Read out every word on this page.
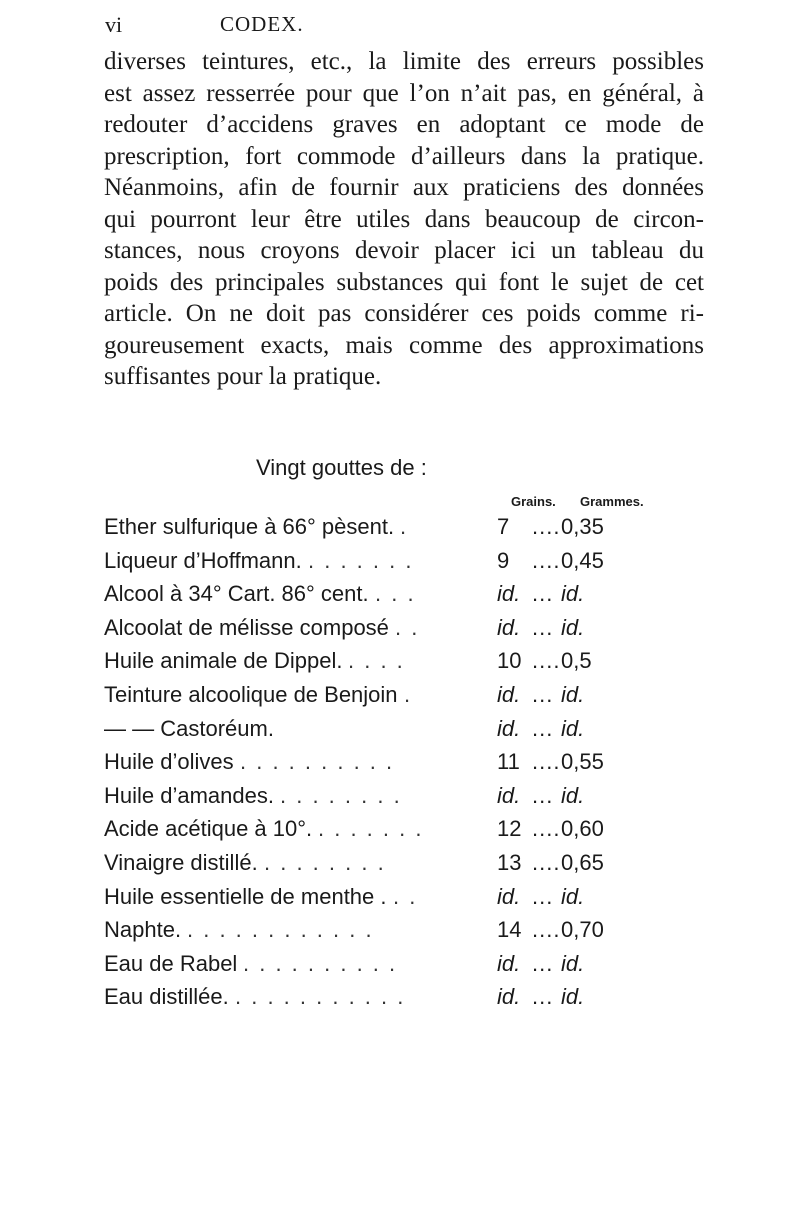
vi	CODEX.
diverses teintures, etc., la limite des erreurs possibles
est assez resserrée pour que l’on n’ait pas, en général, à
redouter d’accidens graves en adoptant ce mode de
prescription, fort commode d’ailleurs dans la pratique.
Néanmoins, afin de fournir aux praticiens des données
qui pourront leur être utiles dans beaucoup de circon-
stances, nous croyons devoir placer ici un tableau du
poids des principales substances qui font le sujet de cet
article. On ne doit pas considérer ces poids comme ri-
goureusement exacts, mais comme des approximations
suffisantes pour la pratique.
Vingt gouttes de :
Grains. Grammes.
Ether sulfurique à 66° pèsent. .	7 .... 0,35
Liqueur d’Hoffmann. . . . . . . .	9 .... 0,45
Alcool à 34° Cart. 86° cent. . . .	id. ... id.
Alcoolat de mélisse composé . .	id. ... id.
Huile animale de Dippel. . . . .	10 .... 0,5
Teinture alcoolique de Benjoin .	id. ... id.
— — Castoréum.	id. ... id.
Huile d’olives . . . . . . . . . .	11 .... 0,55
Huile d’amandes. . . . . . . . .	id. ... id.
Acide acétique à 10°. . . . . . . .	12 .... 0,60
Vinaigre distillé. . . . . . . . .	13 .... 0,65
Huile essentielle de menthe . . .	id. ... id.
Naphte. . . . . . . . . . . . .	14 .... 0,70
Eau de Rabel . . . . . . . . . .	id. ... id.
Eau distillée. . . . . . . . . . . .	id. ... id.
